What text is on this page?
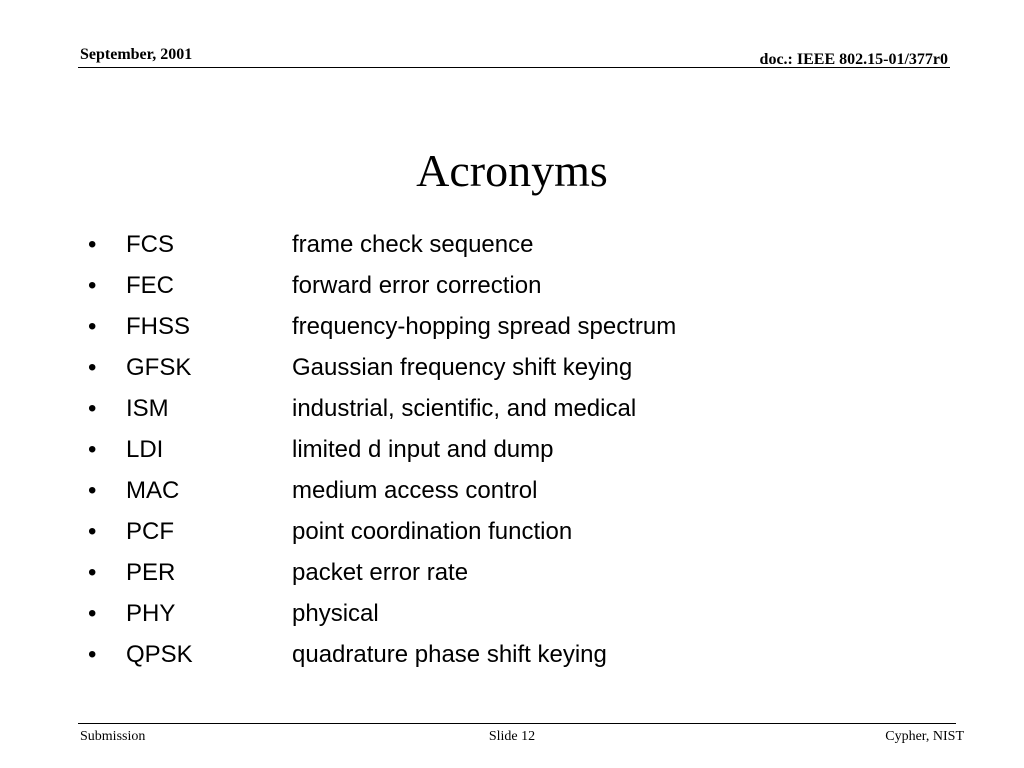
September, 2001	doc.: IEEE 802.15-01/377r0
Acronyms
• FCS	frame check sequence
• FEC	forward error correction
• FHSS	frequency-hopping spread spectrum
• GFSK	Gaussian frequency shift keying
• ISM	industrial, scientific, and medical
• LDI	limited d input and dump
• MAC	medium access control
• PCF	point coordination function
• PER	packet error rate
• PHY	physical
• QPSK	quadrature phase shift keying
Submission	Slide 12	Cypher, NIST
